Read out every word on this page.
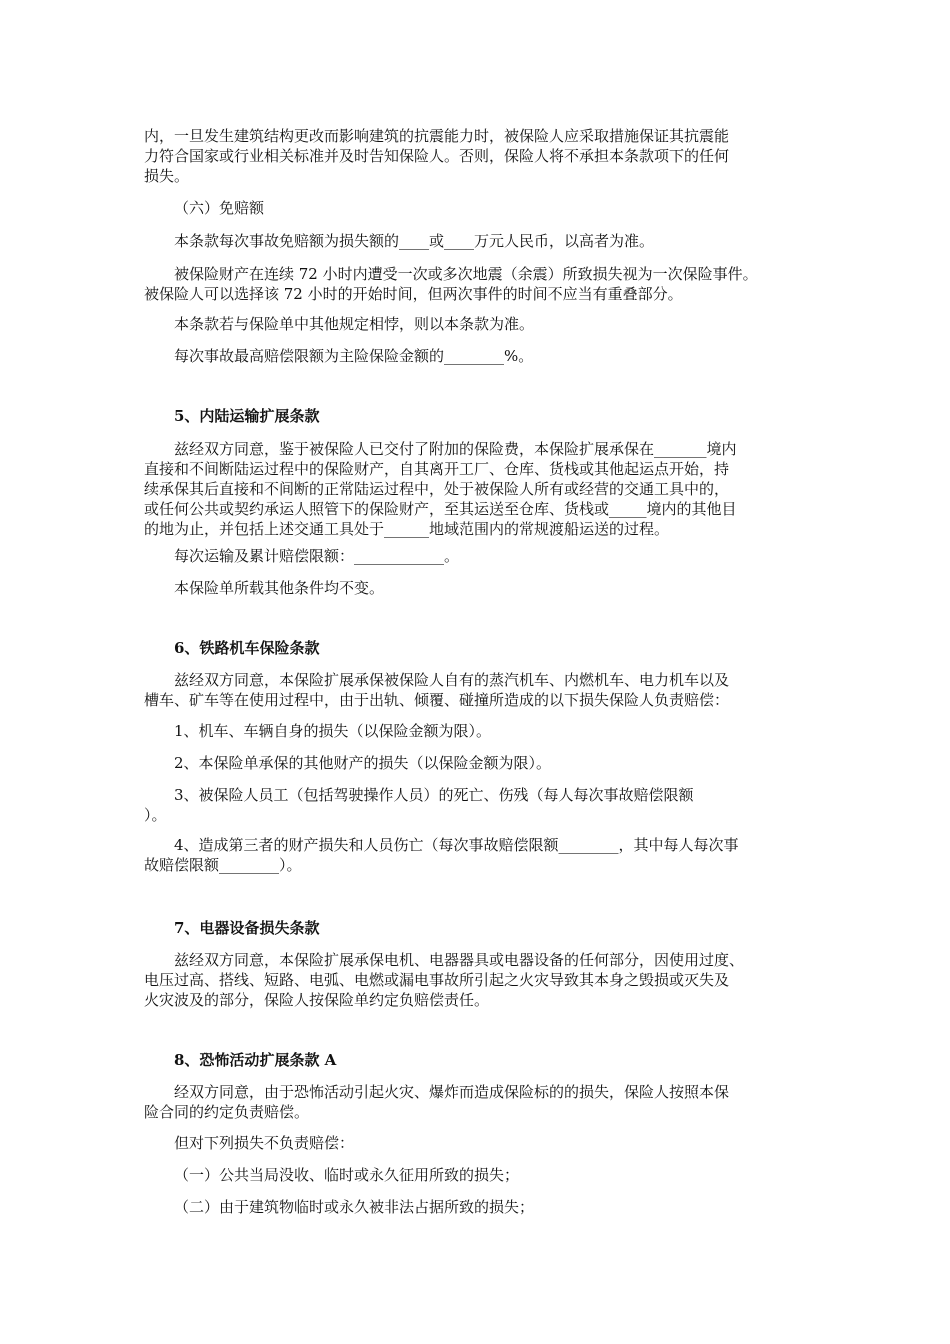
内，一旦发生建筑结构更改而影响建筑的抗震能力时，被保险人应采取措施保证其抗震能

力符合国家或行业相关标准并及时告知保险人。否则，保险人将不承担本条款项下的任何

损失。

（六）免赔额

本条款每次事故免赔额为损失额的____或____万元人民币，以高者为准。

被保险财产在连续 72 小时内遭受一次或多次地震（余震）所致损失视为一次保险事件。

被保险人可以选择该 72 小时的开始时间，但两次事件的时间不应当有重叠部分。

本条款若与保险单中其他规定相悖，则以本条款为准。

每次事故最高赔偿限额为主险保险金额的________%。

5、内陆运输扩展条款

兹经双方同意，鉴于被保险人已交付了附加的保险费，本保险扩展承保在_______境内

直接和不间断陆运过程中的保险财产，自其离开工厂、仓库、货栈或其他起运点开始，持

续承保其后直接和不间断的正常陆运过程中，处于被保险人所有或经营的交通工具中的，

或任何公共或契约承运人照管下的保险财产，至其运送至仓库、货栈或_____境内的其他目

的地为止，并包括上述交通工具处于______地域范围内的常规渡船运送的过程。

每次运输及累计赔偿限额：____________。

本保险单所载其他条件均不变。

6、铁路机车保险条款

兹经双方同意，本保险扩展承保被保险人自有的蒸汽机车、内燃机车、电力机车以及

槽车、矿车等在使用过程中，由于出轨、倾覆、碰撞所造成的以下损失保险人负责赔偿：

1、机车、车辆自身的损失（以保险金额为限）。

2、本保险单承保的其他财产的损失（以保险金额为限）。

3、被保险人员工（包括驾驶操作人员）的死亡、伤残（每人每次事故赔偿限额

）。

4、造成第三者的财产损失和人员伤亡（每次事故赔偿限额________，其中每人每次事

故赔偿限额________）。

7、电器设备损失条款

兹经双方同意，本保险扩展承保电机、电器器具或电器设备的任何部分，因使用过度、

电压过高、搭线、短路、电弧、电燃或漏电事故所引起之火灾导致其本身之毁损或灭失及

火灾波及的部分，保险人按保险单约定负赔偿责任。

8、恐怖活动扩展条款 A

经双方同意，由于恐怖活动引起火灾、爆炸而造成保险标的的损失，保险人按照本保

险合同的约定负责赔偿。

但对下列损失不负责赔偿：

（一）公共当局没收、临时或永久征用所致的损失；

（二）由于建筑物临时或永久被非法占据所致的损失；
